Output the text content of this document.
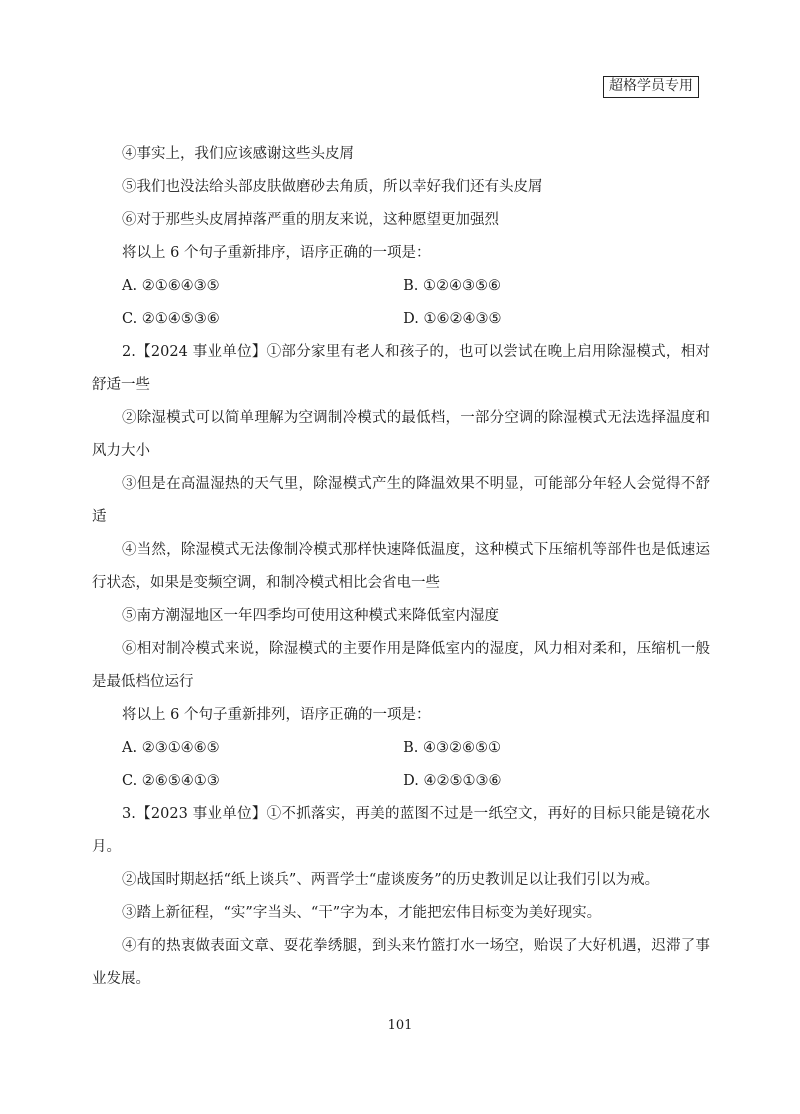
超格学员专用

④事实上，我们应该感谢这些头皮屑

⑤我们也没法给头部皮肤做磨砂去角质，所以幸好我们还有头皮屑

⑥对于那些头皮屑掉落严重的朋友来说，这种愿望更加强烈

将以上 6 个句子重新排序，语序正确的一项是：

A. ②①⑥④③⑤	B. ①②④③⑤⑥
C. ②①④⑤③⑥	D. ①⑥②④③⑤

2.【2024 事业单位】①部分家里有老人和孩子的，也可以尝试在晚上启用除湿模式，相对舒适一些

②除湿模式可以简单理解为空调制冷模式的最低档，一部分空调的除湿模式无法选择温度和风力大小

③但是在高温湿热的天气里，除湿模式产生的降温效果不明显，可能部分年轻人会觉得不舒适

④当然，除湿模式无法像制冷模式那样快速降低温度，这种模式下压缩机等部件也是低速运行状态，如果是变频空调，和制冷模式相比会省电一些

⑤南方潮湿地区一年四季均可使用这种模式来降低室内湿度

⑥相对制冷模式来说，除湿模式的主要作用是降低室内的湿度，风力相对柔和，压缩机一般是最低档位运行

将以上 6 个句子重新排列，语序正确的一项是：

A. ②③①④⑥⑤	B. ④③②⑥⑤①
C. ②⑥⑤④①③	D. ④②⑤①③⑥

3.【2023 事业单位】①不抓落实，再美的蓝图不过是一纸空文，再好的目标只能是镜花水月。

②战国时期赵括“纸上谈兵”、两晋学士“虚谈废务”的历史教训足以让我们引以为戒。

③踏上新征程，“实”字当头、“干”字为本，才能把宏伟目标变为美好现实。

④有的热衷做表面文章、耍花拳绣腿，到头来竹篮打水一场空，贻误了大好机遇，迟滞了事业发展。

101
